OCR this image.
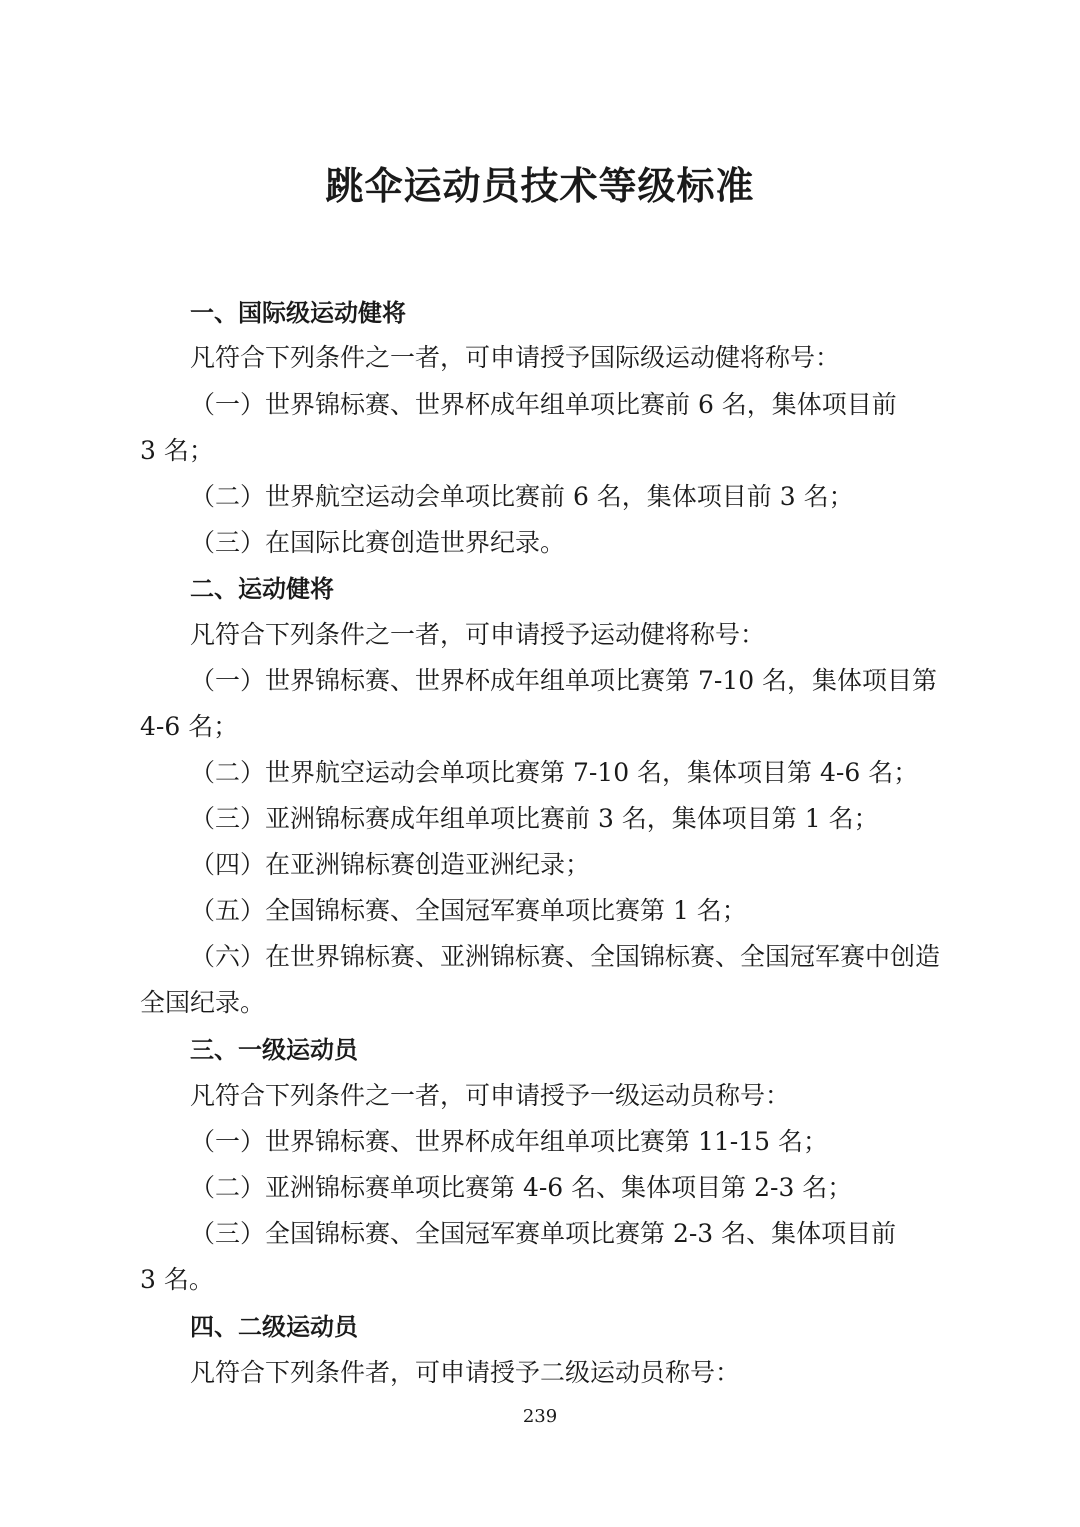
跳伞运动员技术等级标准
一、国际级运动健将
凡符合下列条件之一者，可申请授予国际级运动健将称号：
（一）世界锦标赛、世界杯成年组单项比赛前 6 名，集体项目前
3 名；
（二）世界航空运动会单项比赛前 6 名，集体项目前 3 名；
（三）在国际比赛创造世界纪录。
二、运动健将
凡符合下列条件之一者，可申请授予运动健将称号：
（一）世界锦标赛、世界杯成年组单项比赛第 7-10 名，集体项目第
4-6 名；
（二）世界航空运动会单项比赛第 7-10 名，集体项目第 4-6 名；
（三）亚洲锦标赛成年组单项比赛前 3 名，集体项目第 1 名；
（四）在亚洲锦标赛创造亚洲纪录；
（五）全国锦标赛、全国冠军赛单项比赛第 1 名；
（六）在世界锦标赛、亚洲锦标赛、全国锦标赛、全国冠军赛中创造
全国纪录。
三、一级运动员
凡符合下列条件之一者，可申请授予一级运动员称号：
（一）世界锦标赛、世界杯成年组单项比赛第 11-15 名；
（二）亚洲锦标赛单项比赛第 4-6 名、集体项目第 2-3 名；
（三）全国锦标赛、全国冠军赛单项比赛第 2-3 名、集体项目前
3 名。
四、二级运动员
凡符合下列条件者，可申请授予二级运动员称号：
239
